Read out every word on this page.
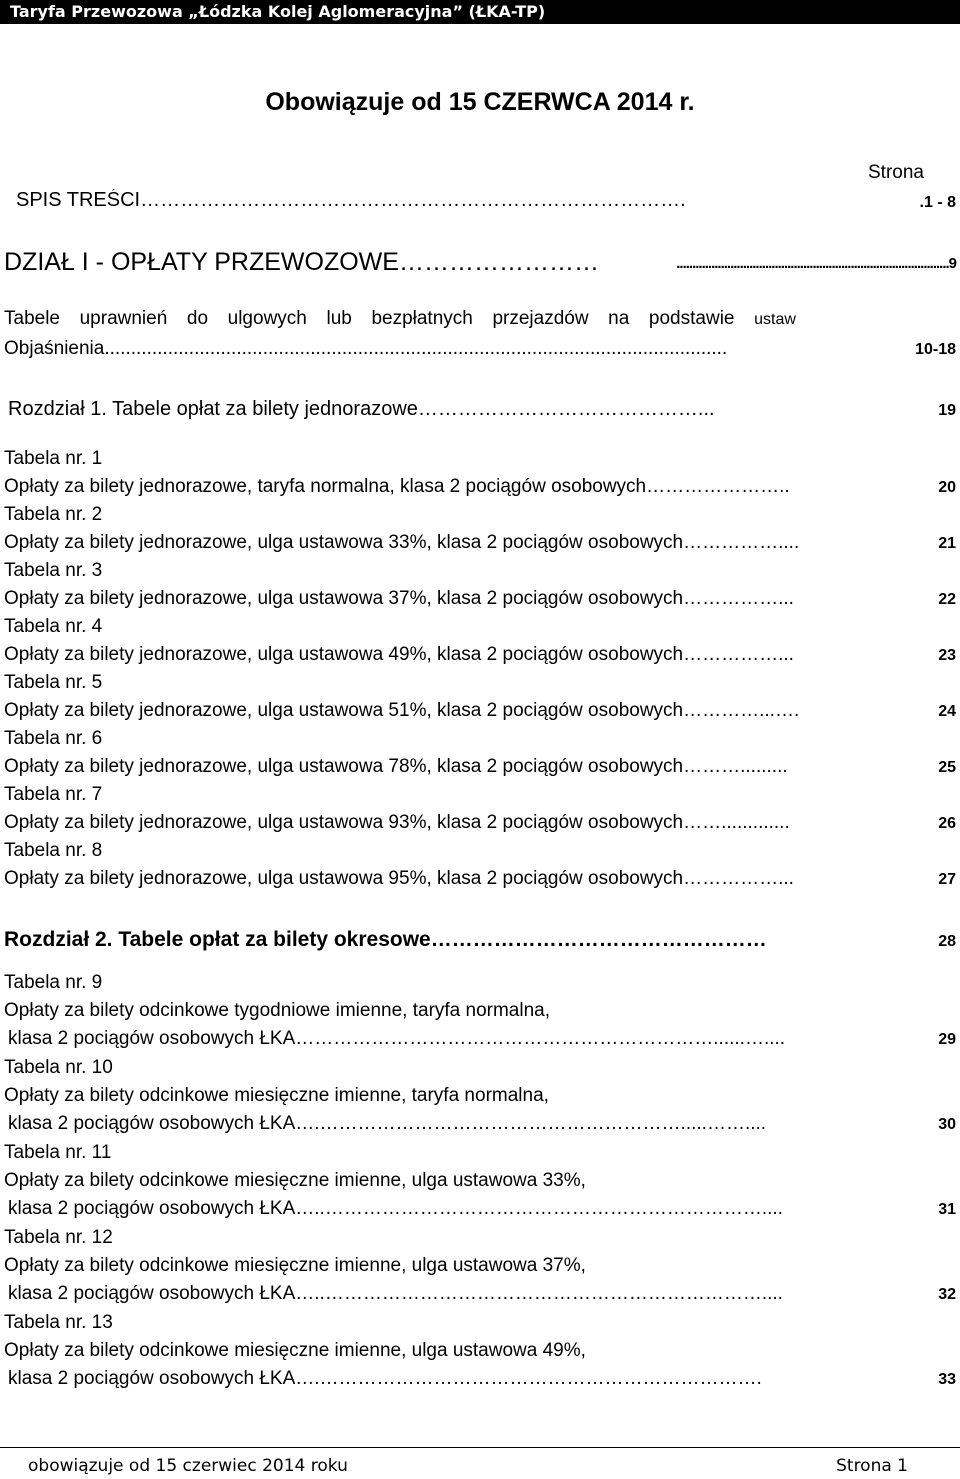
Taryfa Przewozowa „Łódzka Kolej Aglomeracyjna” (ŁKA-TP)
Obowiązuje od 15 CZERWCA 2014 r.
Strona
SPIS TREŚCI……………………………………………………………………….	.1 - 8
DZIAŁ I - OPŁATY PRZEWOZOWE……………………	......................................................................................9
Tabele uprawnień do ulgowych lub bezpłatnych przejazdów na podstawie ustaw
Objaśnienia......................................................................................................................	10-18
Rozdział 1. Tabele opłat za bilety jednorazowe……………………………………...	19
Tabela nr. 1
Opłaty za bilety jednorazowe, taryfa normalna, klasa 2 pociągów osobowych…………………..	20
Tabela nr. 2
Opłaty za bilety jednorazowe, ulga ustawowa 33%, klasa 2 pociągów osobowych……………....	21
Tabela nr. 3
Opłaty za bilety jednorazowe, ulga ustawowa 37%, klasa 2 pociągów osobowych……………...	22
Tabela nr. 4
Opłaty za bilety jednorazowe, ulga ustawowa 49%, klasa 2 pociągów osobowych……………...	23
Tabela nr. 5
Opłaty za bilety jednorazowe, ulga ustawowa 51%, klasa 2 pociągów osobowych…………...….	24
Tabela nr. 6
Opłaty za bilety jednorazowe, ulga ustawowa 78%, klasa 2 pociągów osobowych……….........	25
Tabela nr. 7
Opłaty za bilety jednorazowe, ulga ustawowa 93%, klasa 2 pociągów osobowych…….............	26
Tabela nr. 8
Opłaty za bilety jednorazowe, ulga ustawowa 95%, klasa 2 pociągów osobowych……………...	27
Rozdział 2. Tabele opłat za bilety okresowe…………………………………………	28
Tabela nr. 9
Opłaty za bilety odcinkowe tygodniowe imienne, taryfa normalna,
klasa 2 pociągów osobowych ŁKA…………………………………………………………......…....	29
Tabela nr. 10
Opłaty za bilety odcinkowe miesięczne imienne, taryfa normalna,
klasa 2 pociągów osobowych ŁKA….………………………………………………….....……....	30
Tabela nr. 11
Opłaty za bilety odcinkowe miesięczne imienne, ulga ustawowa 33%,
klasa 2 pociągów osobowych ŁKA…..……………………………………………………………....	31
Tabela nr. 12
Opłaty za bilety odcinkowe miesięczne imienne, ulga ustawowa 37%,
klasa 2 pociągów osobowych ŁKA…..……………………………………………………………....	32
Tabela nr. 13
Opłaty za bilety odcinkowe miesięczne imienne, ulga ustawowa 49%,
klasa 2 pociągów osobowych ŁKA….…………………………………………………………….	33
obowiązuje od 15 czerwiec 2014 roku	Strona 1
